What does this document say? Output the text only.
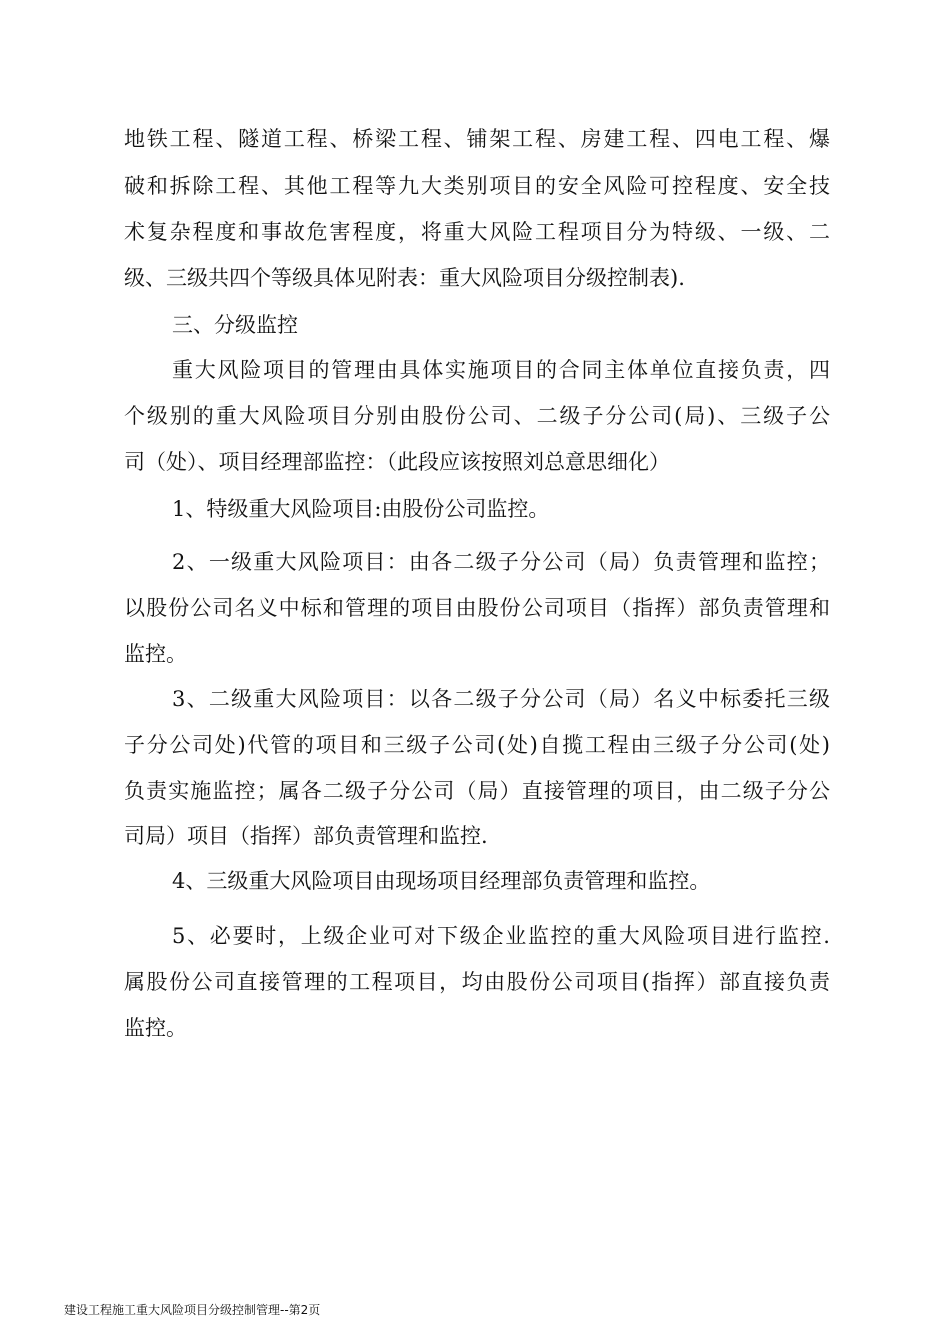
地铁工程、隧道工程、桥梁工程、铺架工程、房建工程、四电工程、爆
破和拆除工程、其他工程等九大类别项目的安全风险可控程度、安全技
术复杂程度和事故危害程度，将重大风险工程项目分为特级、一级、二
级、三级共四个等级具体见附表：重大风险项目分级控制表).
三、分级监控
重大风险项目的管理由具体实施项目的合同主体单位直接负责，四
个级别的重大风险项目分别由股份公司、二级子分公司(局)、三级子公
司（处）、项目经理部监控：（此段应该按照刘总意思细化）
1、特级重大风险项目:由股份公司监控。
2、一级重大风险项目：由各二级子分公司（局）负责管理和监控；
以股份公司名义中标和管理的项目由股份公司项目（指挥）部负责管理和
监控。
3、二级重大风险项目：以各二级子分公司（局）名义中标委托三级
子分公司处)代管的项目和三级子公司(处)自揽工程由三级子分公司(处)
负责实施监控；属各二级子分公司（局）直接管理的项目，由二级子分公
司局）项目（指挥）部负责管理和监控.
4、三级重大风险项目由现场项目经理部负责管理和监控。
5、必要时，上级企业可对下级企业监控的重大风险项目进行监控.
属股份公司直接管理的工程项目，均由股份公司项目(指挥）部直接负责
监控。
建设工程施工重大风险项目分级控制管理--第2页
